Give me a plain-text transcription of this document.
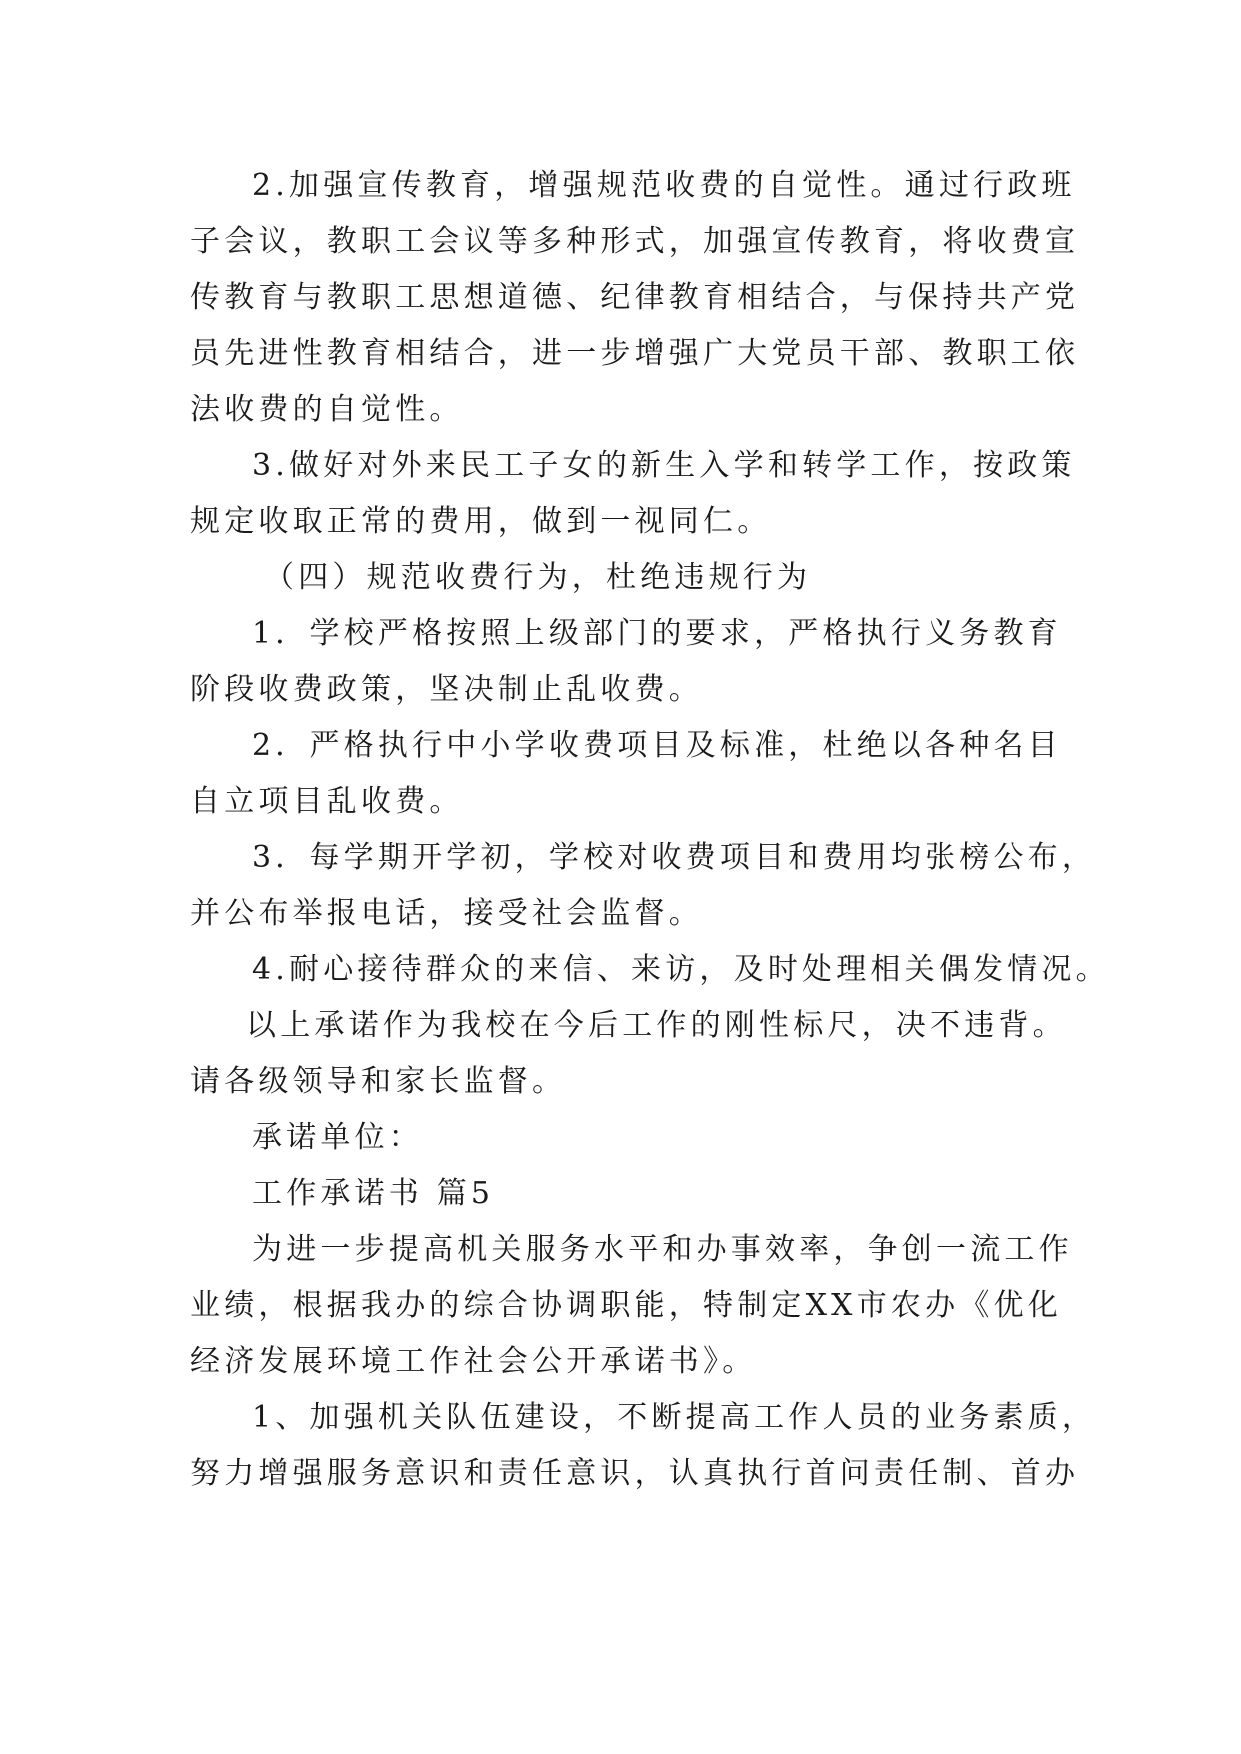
2.加强宣传教育，增强规范收费的自觉性。通过行政班
子会议，教职工会议等多种形式，加强宣传教育，将收费宣
传教育与教职工思想道德、纪律教育相结合，与保持共产党
员先进性教育相结合，进一步增强广大党员干部、教职工依
法收费的自觉性。
3.做好对外来民工子女的新生入学和转学工作，按政策
规定收取正常的费用，做到一视同仁。
（四）规范收费行为，杜绝违规行为
1．学校严格按照上级部门的要求，严格执行义务教育
阶段收费政策，坚决制止乱收费。
2．严格执行中小学收费项目及标准，杜绝以各种名目
自立项目乱收费。
3．每学期开学初，学校对收费项目和费用均张榜公布，
并公布举报电话，接受社会监督。
4.耐心接待群众的来信、来访，及时处理相关偶发情况。
以上承诺作为我校在今后工作的刚性标尺，决不违背。
请各级领导和家长监督。
承诺单位：
工作承诺书 篇5
为进一步提高机关服务水平和办事效率，争创一流工作
业绩，根据我办的综合协调职能，特制定XX市农办《优化
经济发展环境工作社会公开承诺书》。
1、加强机关队伍建设，不断提高工作人员的业务素质，
努力增强服务意识和责任意识，认真执行首问责任制、首办
